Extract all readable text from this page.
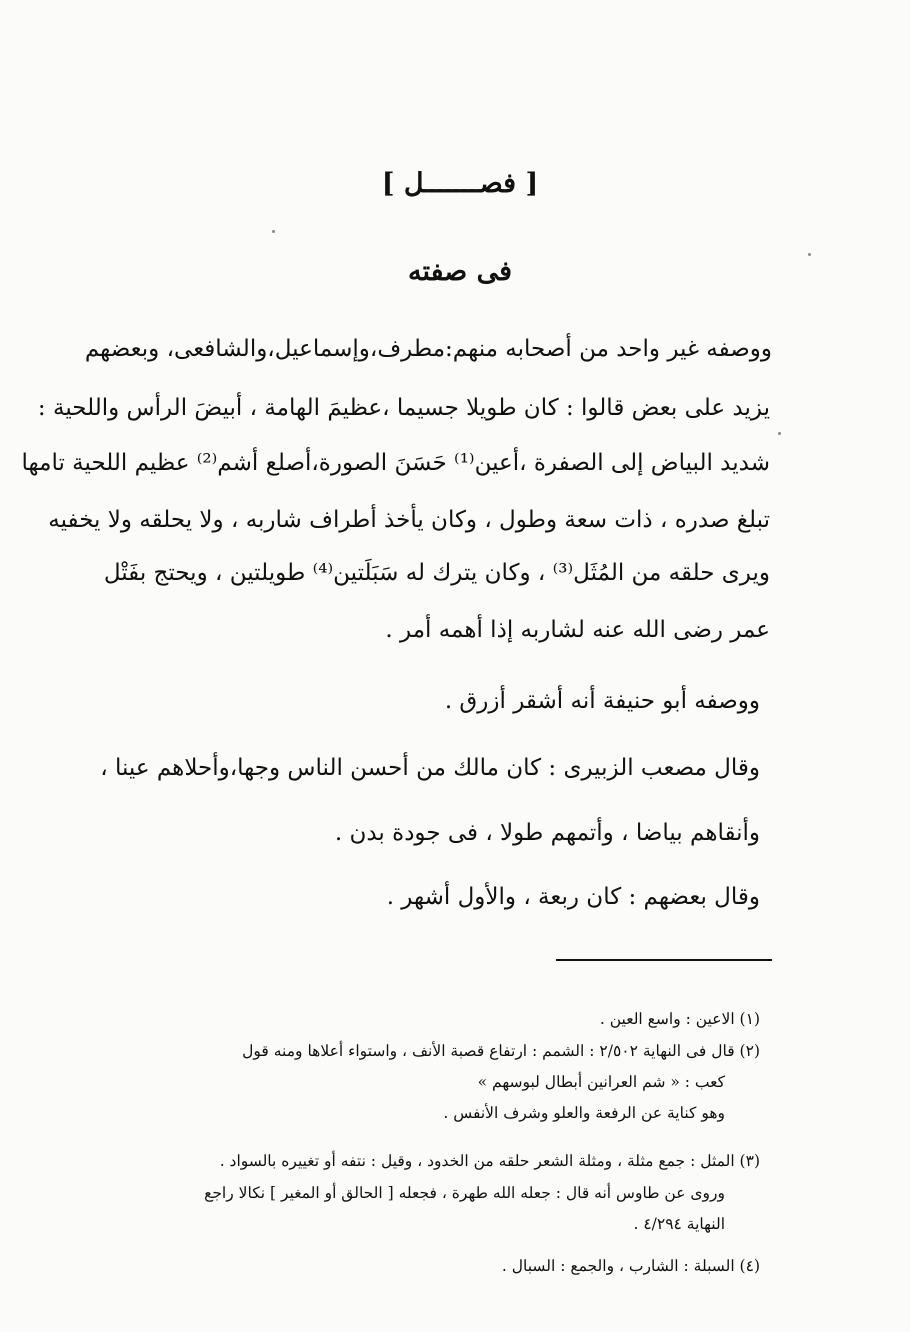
[ فصـــــــل ]
فى صفته
ووصفه غير واحد من أصحابه منهم:مطرف،وإسماعيل،والشافعى، وبعضهم
يزيد على بعض قالوا : كان طويلا جسيما ،عظيمَ الهامة ، أبيضَ الرأس واللحية :
شديد البياض إلى الصفرة ،أعين⁽¹⁾ حَسَنَ الصورة،أصلع أشم⁽²⁾ عظيم اللحية تامها
تبلغ صدره ، ذات سعة وطول ، وكان يأخذ أطراف شاربه ، ولا يحلقه ولا يخفيه
ويرى حلقه من المُثَل⁽³⁾ ، وكان يترك له سَبَلَتين⁽⁴⁾ طويلتين ، ويحتج بفَتْل
عمر رضى الله عنه لشاربه إذا أهمه أمر .
ووصفه أبو حنيفة أنه أشقر أزرق .
وقال مصعب الزبيرى : كان مالك من أحسن الناس وجها،وأحلاهم عينا ،
وأنقاهم بياضا ، وأتمهم طولا ، فى جودة بدن .
وقال بعضهم : كان ربعة ، والأول أشهر .
(١) الاعين : واسع العين .
(٢) قال فى النهاية ٢/٥٠٢ : الشمم : ارتفاع قصبة الأنف ، واستواء أعلاها ومنه قول
كعب : « شم العرانين أبطال لبوسهم »
وهو كناية عن الرفعة والعلو وشرف الأنفس .
(٣) المثل : جمع مثلة ، ومثلة الشعر حلقه من الخدود ، وقيل : نتفه أو تغييره بالسواد .
وروى عن طاوس أنه قال : جعله الله طهرة ، فجعله [ الحالق أو المغير ] نكالا راجع
النهاية ٤/٢٩٤ .
(٤) السبلة : الشارب ، والجمع : السبال .
